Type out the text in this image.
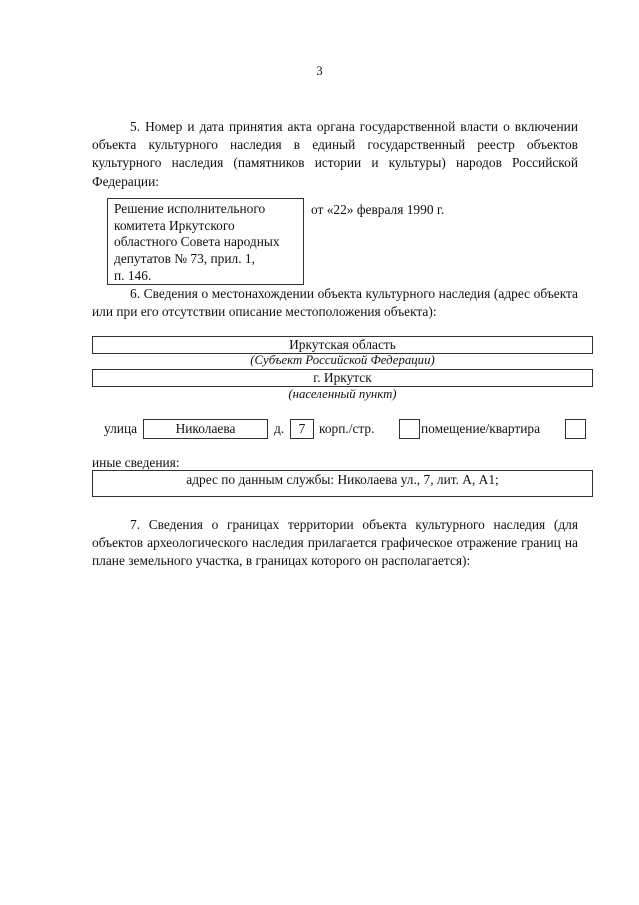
3

5. Номер и дата принятия акта органа государственной власти о включении объекта культурного наследия в единый государственный реестр объектов культурного наследия (памятников истории и культуры) народов Российской Федерации:

Решение исполнительного
комитета Иркутского
областного Совета народных
депутатов № 73, прил. 1,
п. 146.
от «22» февраля 1990 г.

6. Сведения о местонахождении объекта культурного наследия (адрес объекта или при его отсутствии описание местоположения объекта):

Иркутская область
(Субъект Российской Федерации)
г. Иркутск
(населенный пункт)
улица	Николаева	д.	7	корп./стр.	помещение/квартира
иные сведения:
адрес по данным службы: Николаева ул., 7, лит. А, А1;

7. Сведения о границах территории объекта культурного наследия (для объектов археологического наследия прилагается графическое отражение границ на плане земельного участка, в границах которого он располагается):
